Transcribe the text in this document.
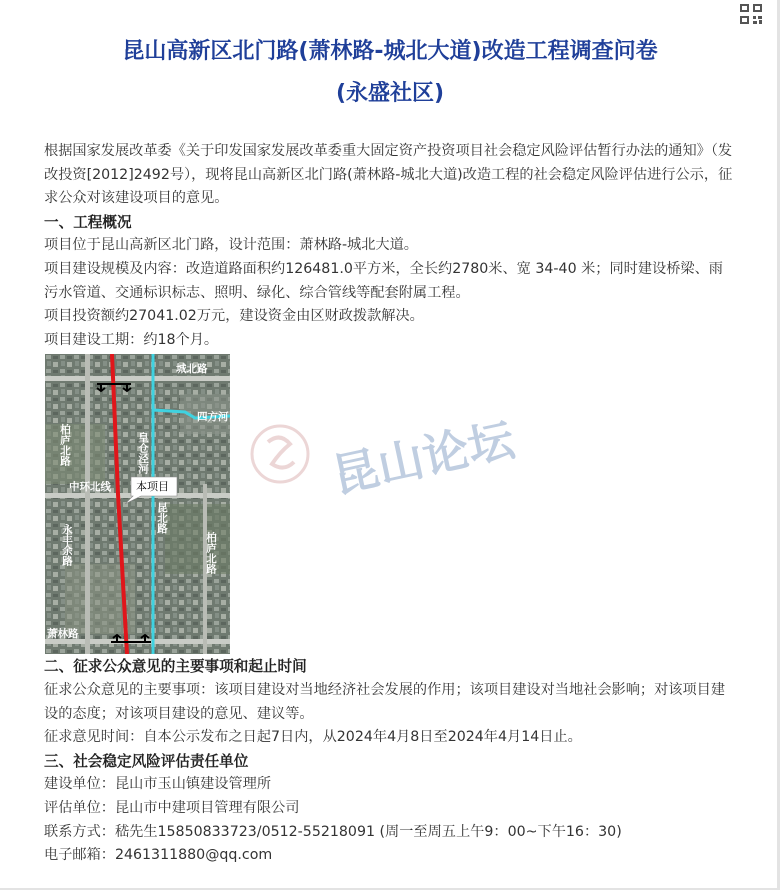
昆山高新区北门路(萧林路-城北大道)改造工程调查问卷
(永盛社区)

根据国家发展改革委《关于印发国家发展改革委重大固定资产投资项目社会稳定风险评估暂行办法的通知》（发改投资[2012]2492号），现将昆山高新区北门路(萧林路-城北大道)改造工程的社会稳定风险评估进行公示，征求公众对该建设项目的意见。

一、工程概况

项目位于昆山高新区北门路，设计范围：萧林路-城北大道。

项目建设规模及内容：改造道路面积约126481.0平方米，全长约2780米、宽 34-40 米；同时建设桥梁、雨污水管道、交通标识标志、照明、绿化、综合管线等配套附属工程。

项目投资额约27041.02万元，建设资金由区财政拨款解决。

项目建设工期：约18个月。

城北路
四方河
中环北线
柏庐北路	皇仓泾河
昆北路
柏庐北路
永丰余路
本项目
萧林路
二、征求公众意见的主要事项和起止时间

征求公众意见的主要事项：该项目建设对当地经济社会发展的作用；该项目建设对当地社会影响；对该项目建设的态度；对该项目建设的意见、建议等。

征求意见时间：自本公示发布之日起7日内，从2024年4月8日至2024年4月14日止。

三、社会稳定风险评估责任单位

建设单位：昆山市玉山镇建设管理所

评估单位：昆山市中建项目管理有限公司

联系方式：嵇先生15850833723/0512-55218091 (周一至周五上午9：00~下午16：30)

电子邮箱：2461311880@qq.com

昆山论坛
